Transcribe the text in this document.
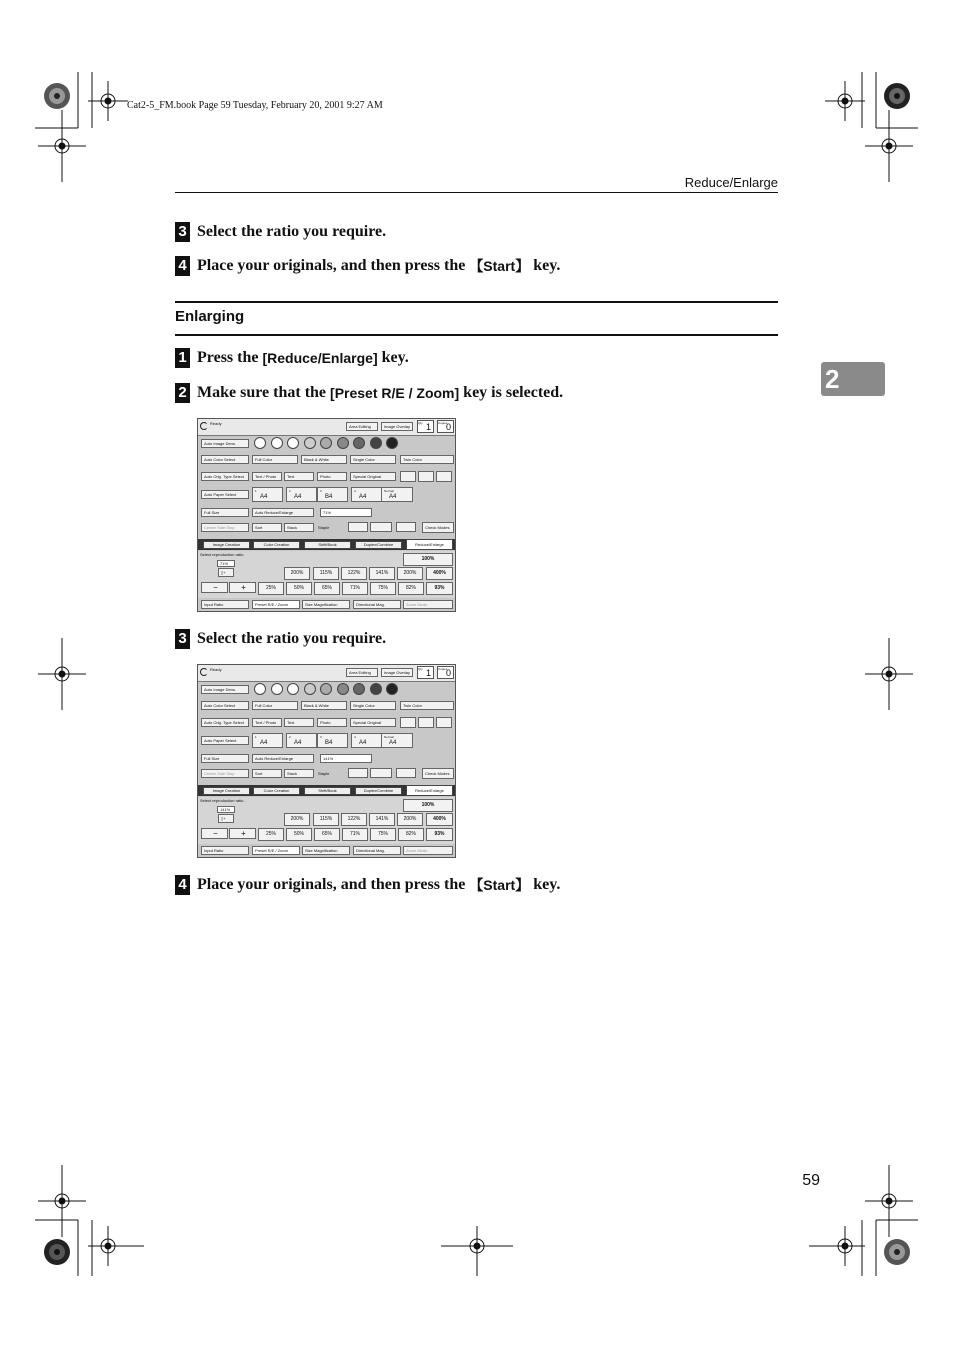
Cat2-5_FM.book Page 59 Tuesday, February 20, 2001 9:27 AM
Reduce/Enlarge
2
3 Select the ratio you require.
4 Place your originals, and then press the 【Start】 key.
Enlarging
1 Press the [Reduce/Enlarge] key.
2 Make sure that the [Preset R/E / Zoom] key is selected.
Ready
Area Editing	Image Overlay
Qty 1	Copies
0
Auto Image Dens.
Auto Color Select	Full Color	Black & White	Single Color	Twin Color
Auto Orig. Type Select	Text / Photo	Text	Photo	Special Original
Auto Paper Select
1
A4
2
A4
3
B4
4
A4
Normal
A4
Full Size	Auto Reduce/Enlarge	71%
Center Side Stop	Sort	Stack	Staple	Check Modes
Image Creation	Color Creation	Shift/Book	Duplex/Combine	Reduce/Enlarge
Select reproduction ratio.
71%
▯+
−	+
100%
200%	115%	122%	141%	200%	400%
25%	50%	65%	71%	75%	82%	93%
Input Ratio	Preset R/E / Zoom	Size Magnification	Directional Mag.	Zoom Mode
3 Select the ratio you require.
Ready
Area Editing	Image Overlay
Qty 1	Copies
0
Auto Image Dens.
Auto Color Select	Full Color	Black & White	Single Color	Twin Color
Auto Orig. Type Select	Text / Photo	Text	Photo	Special Original
Auto Paper Select
1
A4
2
A4
3
B4
4
A4
Normal
A4
Full Size	Auto Reduce/Enlarge	141%
Center Side Stop	Sort	Stack	Staple	Check Modes
Image Creation	Color Creation	Shift/Book	Duplex/Combine	Reduce/Enlarge
Select reproduction ratio.
141%
▯+
−	+
100%
200%	115%	122%	141%	200%	400%
25%	50%	65%	71%	75%	82%	93%
Input Ratio	Preset R/E / Zoom	Size Magnification	Directional Mag.	Zoom Mode
4 Place your originals, and then press the 【Start】 key.
59
